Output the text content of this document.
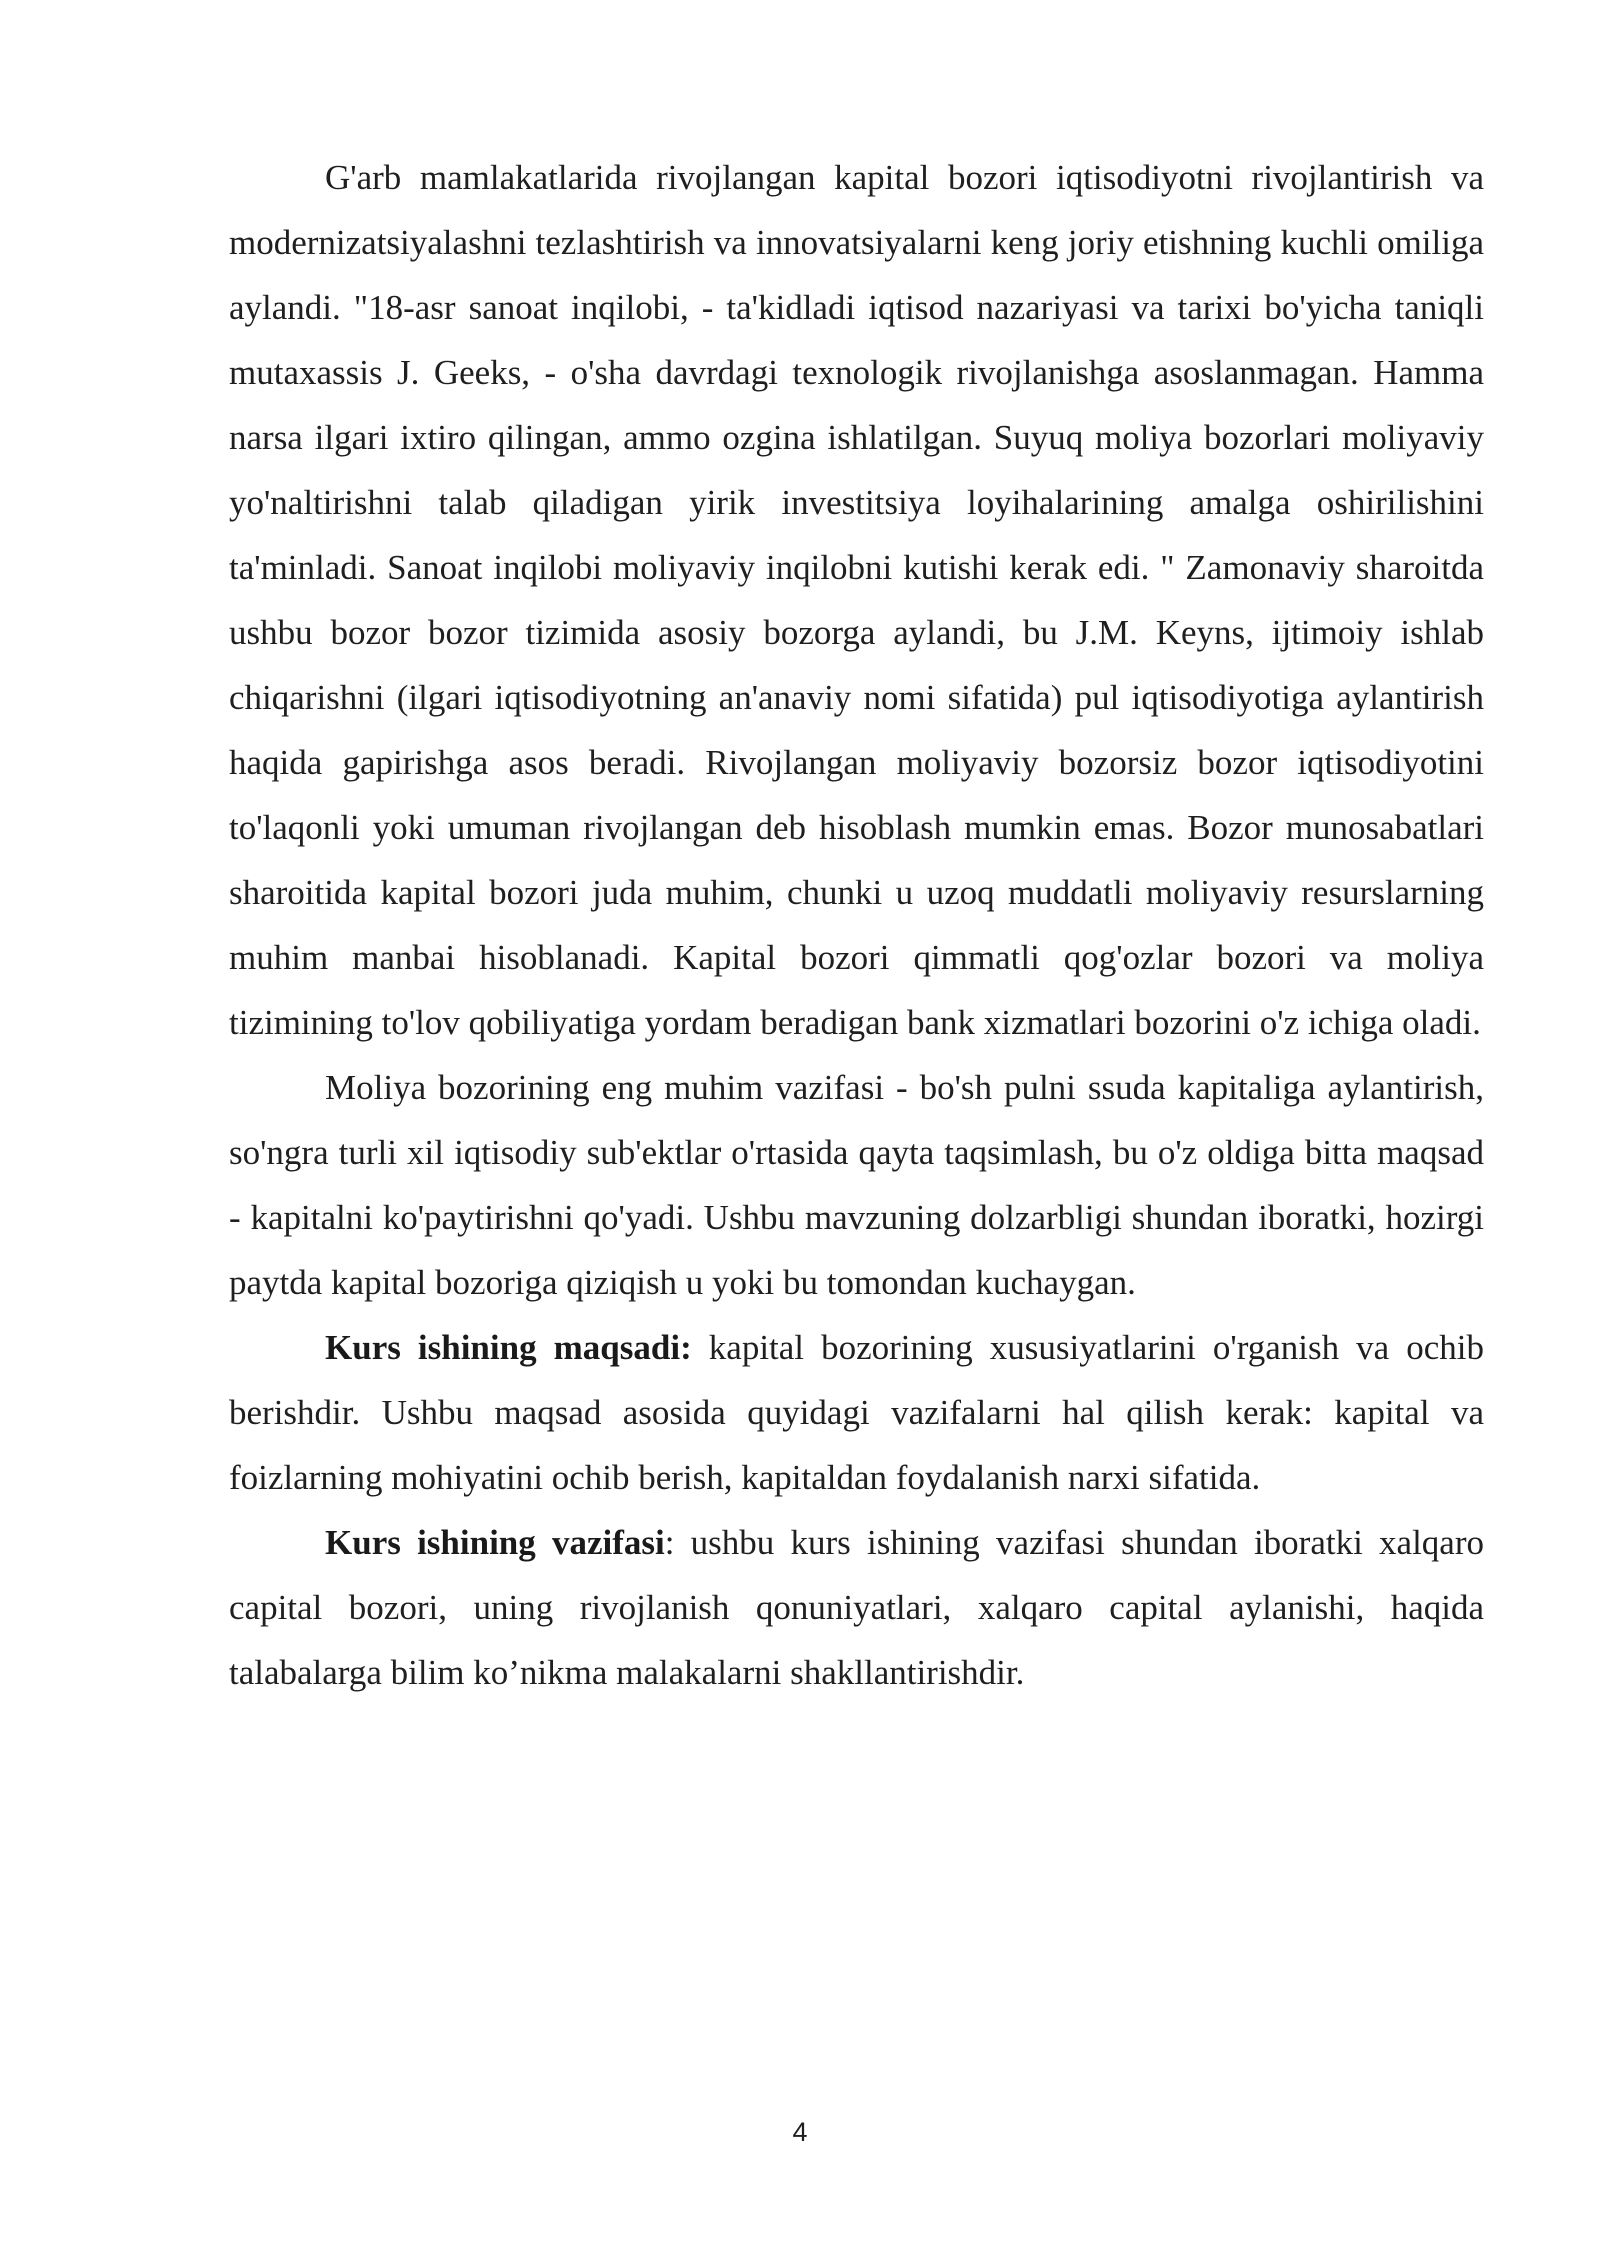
G'arb mamlakatlarida rivojlangan kapital bozori iqtisodiyotni rivojlantirish va modernizatsiyalashni tezlashtirish va innovatsiyalarni keng joriy etishning kuchli omiliga aylandi. "18-asr sanoat inqilobi, - ta'kidladi iqtisod nazariyasi va tarixi bo'yicha taniqli mutaxassis J. Geeks, - o'sha davrdagi texnologik rivojlanishga asoslanmagan. Hamma narsa ilgari ixtiro qilingan, ammo ozgina ishlatilgan. Suyuq moliya bozorlari moliyaviy yo'naltirishni talab qiladigan yirik investitsiya loyihalarining amalga oshirilishini ta'minladi. Sanoat inqilobi moliyaviy inqilobni kutishi kerak edi. " Zamonaviy sharoitda ushbu bozor bozor tizimida asosiy bozorga aylandi, bu J.M. Keyns, ijtimoiy ishlab chiqarishni (ilgari iqtisodiyotning an'anaviy nomi sifatida) pul iqtisodiyotiga aylantirish haqida gapirishga asos beradi. Rivojlangan moliyaviy bozorsiz bozor iqtisodiyotini to'laqonli yoki umuman rivojlangan deb hisoblash mumkin emas. Bozor munosabatlari sharoitida kapital bozori juda muhim, chunki u uzoq muddatli moliyaviy resurslarning muhim manbai hisoblanadi. Kapital bozori qimmatli qog'ozlar bozori va moliya tizimining to'lov qobiliyatiga yordam beradigan bank xizmatlari bozorini o'z ichiga oladi.

Moliya bozorining eng muhim vazifasi - bo'sh pulni ssuda kapitaliga aylantirish, so'ngra turli xil iqtisodiy sub'ektlar o'rtasida qayta taqsimlash, bu o'z oldiga bitta maqsad - kapitalni ko'paytirishni qo'yadi. Ushbu mavzuning dolzarbligi shundan iboratki, hozirgi paytda kapital bozoriga qiziqish u yoki bu tomondan kuchaygan.

Kurs ishining maqsadi: kapital bozorining xususiyatlarini o'rganish va ochib berishdir. Ushbu maqsad asosida quyidagi vazifalarni hal qilish kerak: kapital va foizlarning mohiyatini ochib berish, kapitaldan foydalanish narxi sifatida.

Kurs ishining vazifasi: ushbu kurs ishining vazifasi shundan iboratki xalqaro capital bozori, uning rivojlanish qonuniyatlari, xalqaro capital aylanishi, haqida talabalarga bilim ko’nikma malakalarni shakllantirishdir.

4
